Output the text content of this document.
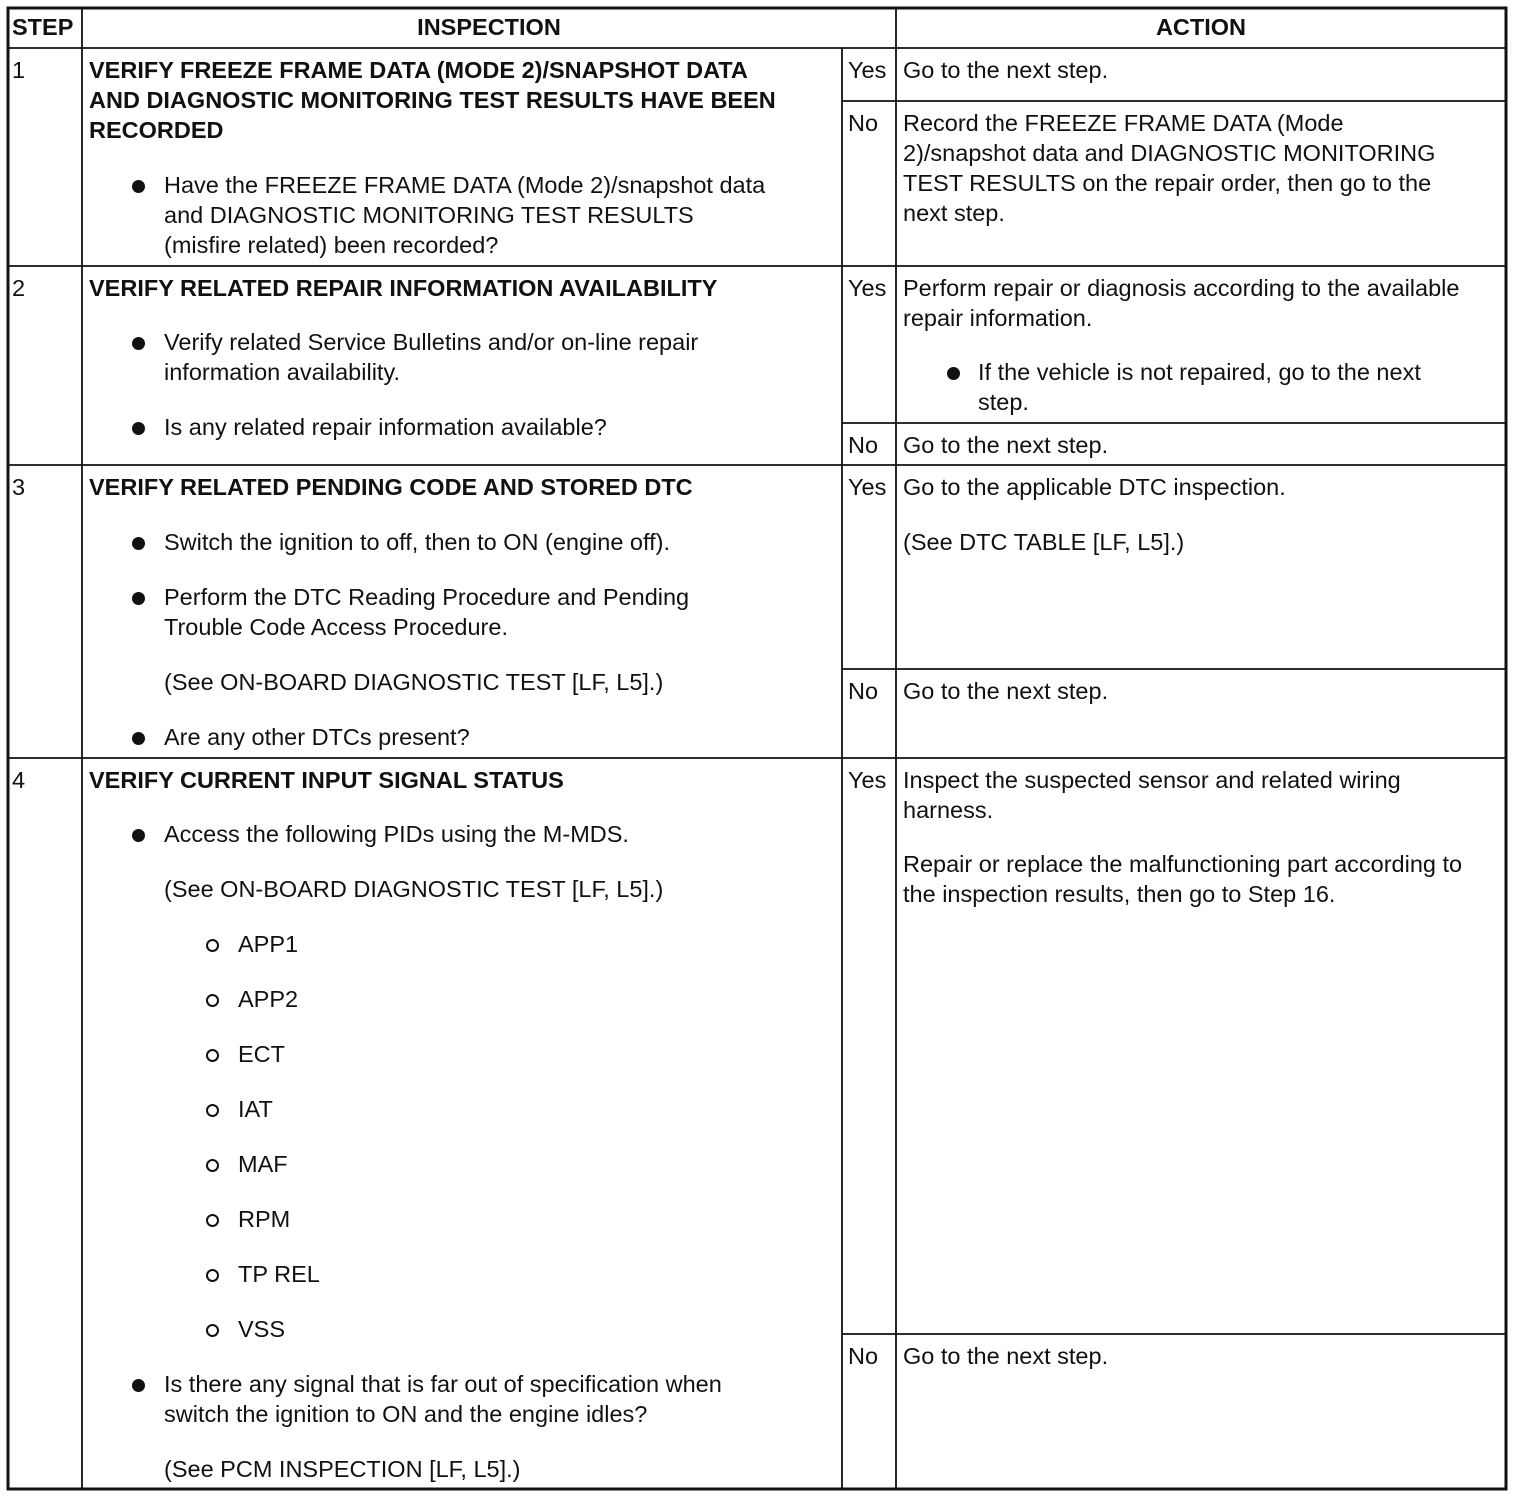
STEP	INSPECTION	ACTION
1	VERIFY FREEZE FRAME DATA (MODE 2)/SNAPSHOT DATA
AND DIAGNOSTIC MONITORING TEST RESULTS HAVE BEEN
RECORDED
Have the FREEZE FRAME DATA (Mode 2)/snapshot data
and DIAGNOSTIC MONITORING TEST RESULTS
(misfire related) been recorded?
Yes Go to the next step.
No Record the FREEZE FRAME DATA (Mode
2)/snapshot data and DIAGNOSTIC MONITORING
TEST RESULTS on the repair order, then go to the
next step.
2	VERIFY RELATED REPAIR INFORMATION AVAILABILITY
Verify related Service Bulletins and/or on-line repair
information availability.
Is any related repair information available?
Yes Perform repair or diagnosis according to the available
repair information.
If the vehicle is not repaired, go to the next
step.
No Go to the next step.
3	VERIFY RELATED PENDING CODE AND STORED DTC
Switch the ignition to off, then to ON (engine off).
Perform the DTC Reading Procedure and Pending
Trouble Code Access Procedure.
(See ON-BOARD DIAGNOSTIC TEST [LF, L5].)
Are any other DTCs present?
Yes Go to the applicable DTC inspection.
(See DTC TABLE [LF, L5].)
No Go to the next step.
4	VERIFY CURRENT INPUT SIGNAL STATUS
Access the following PIDs using the M-MDS.
(See ON-BOARD DIAGNOSTIC TEST [LF, L5].)
APP1
APP2
ECT
IAT
MAF
RPM
TP REL
VSS
Is there any signal that is far out of specification when
switch the ignition to ON and the engine idles?
(See PCM INSPECTION [LF, L5].)
Yes Inspect the suspected sensor and related wiring
harness.
Repair or replace the malfunctioning part according to
the inspection results, then go to Step 16.
No Go to the next step.
